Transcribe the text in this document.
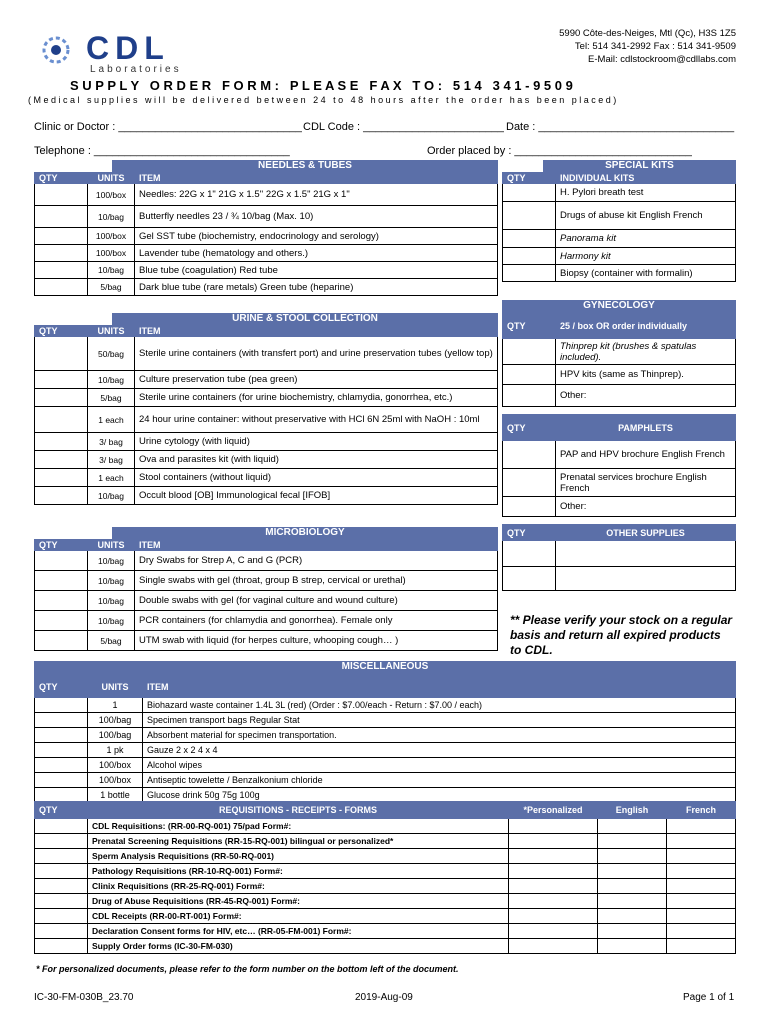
CDL
Laboratories
5990 Côte-des-Neiges, Mtl (Qc), H3S 1Z5
Tel: 514 341-2992 Fax : 514 341-9509
E-Mail: cdlstockroom@cdllabs.com
S U P P L Y   O R D E R   F O R M :   P L E A S E   F A X   T O :   5 1 4   3 4 1 - 9 5 0 9
( M e d i c a l   s u p p l i e s   w i l l   b e   d e l i v e r e d   b e t w e e n   2 4   t o   4 8   h o u r s   a f t e r   t h e   o r d e r   h a s   b e e n   p l a c e d )
Clinic or Doctor : ______________________________ CDL Code : _______________________ Date : ________________________________
Telephone : ________________________________	Order placed by : _____________________________
NEEDLES & TUBES
QTY	UNITS	ITEM
	100/box	Needles: 22G x 1" 21G x 1.5'' 22G x 1.5" 21G x 1"
	10/bag	Butterfly needles 23 / ¾ 10/bag (Max. 10)
	100/box	Gel SST tube (biochemistry, endocrinology and serology)
	100/box	Lavender tube (hematology and others.)
	10/bag	Blue tube (coagulation) Red tube
	5/bag	Dark blue tube (rare metals) Green tube (heparine)
URINE & STOOL COLLECTION
QTY	UNITS	ITEM
	50/bag	Sterile urine containers (with transfert port) and urine preservation tubes (yellow top)
	10/bag	Culture preservation tube (pea green)
	5/bag	Sterile urine containers (for urine biochemistry, chlamydia, gonorrhea, etc.)
	1 each	24 hour urine container: without preservative with HCl 6N 25ml with NaOH : 10ml
	3/ bag	Urine cytology (with liquid)
	3/ bag	Ova and parasites kit (with liquid)
	1 each	Stool containers (without liquid)
	10/bag	Occult blood [OB] Immunological fecal [IFOB]
MICROBIOLOGY
QTY	UNITS	ITEM
	10/bag	Dry Swabs for Strep A, C and G (PCR)
	10/bag	Single swabs with gel (throat, group B strep, cervical or urethal)
	10/bag	Double swabs with gel (for vaginal culture and wound culture)
	10/bag	PCR containers (for chlamydia and gonorrhea). Female only
	5/bag	UTM swab with liquid (for herpes culture, whooping cough… )
SPECIAL KITS
QTY	INDIVIDUAL KITS
	H. Pylori breath test
	Drugs of abuse kit English French
	Panorama kit
	Harmony kit
	Biopsy (container with formalin)
GYNECOLOGY
QTY	25 / box OR order individually
	Thinprep kit (brushes & spatulas included).
	HPV kits (same as Thinprep).
	Other:
QTY	PAMPHLETS
	PAP and HPV brochure English French
	Prenatal services brochure English French
	Other:
QTY	OTHER SUPPLIES

** Please verify your stock on a regular basis and return all expired products to CDL.
MISCELLANEOUS
QTY	UNITS	ITEM
	1	Biohazard waste container 1.4L 3L (red) (Order : $7.00/each - Return : $7.00 / each)
	100/bag	Specimen transport bags Regular Stat
	100/bag	Absorbent material for specimen transportation.
	1 pk	Gauze 2 x 2 4 x 4
	100/box	Alcohol wipes
	100/box	Antiseptic towelette / Benzalkonium chloride
	1 bottle	Glucose drink 50g 75g 100g
QTY	REQUISITIONS - RECEIPTS - FORMS	*Personalized	English	French
	CDL Requisitions: (RR-00-RQ-001) 75/pad Form#:			
	Prenatal Screening Requisitions (RR-15-RQ-001) bilingual or personalized*			
	Sperm Analysis Requisitions (RR-50-RQ-001)			
	Pathology Requisitions (RR-10-RQ-001) Form#:			
	Clinix Requisitions (RR-25-RQ-001) Form#:			
	Drug of Abuse Requisitions (RR-45-RQ-001) Form#:			
	CDL Receipts (RR-00-RT-001) Form#:			
	Declaration Consent forms for HIV, etc… (RR-05-FM-001) Form#:			
	Supply Order forms (IC-30-FM-030)			
* For personalized documents, please refer to the form number on the bottom left of the document.
IC-30-FM-030B_23.70	2019-Aug-09	Page 1 of 1
